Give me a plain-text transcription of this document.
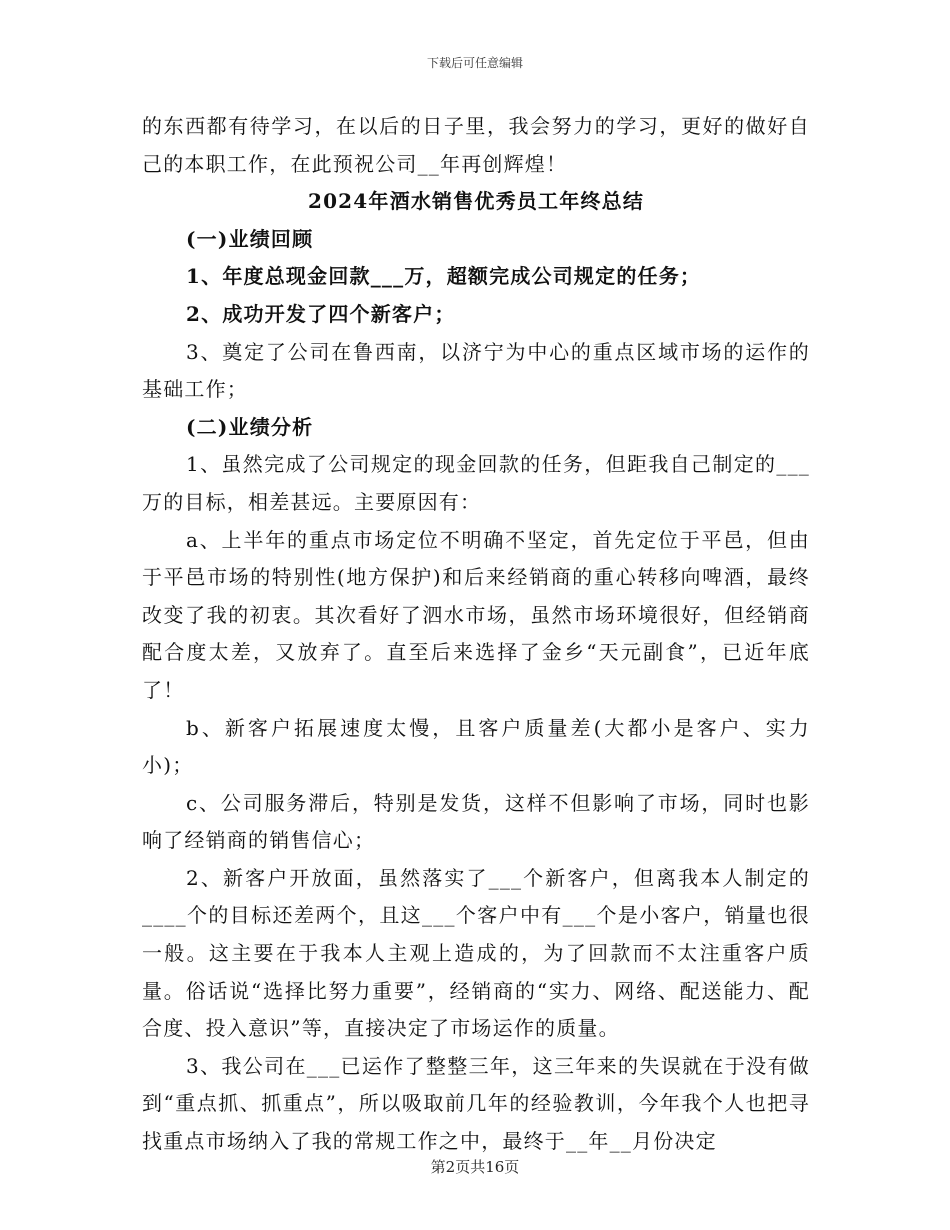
下载后可任意编辑

的东西都有待学习，在以后的日子里，我会努力的学习，更好的做好自己的本职工作，在此预祝公司__年再创辉煌！

2024年酒水销售优秀员工年终总结

(一)业绩回顾

1、年度总现金回款___万，超额完成公司规定的任务；

2、成功开发了四个新客户；

3、奠定了公司在鲁西南，以济宁为中心的重点区域市场的运作的基础工作；

(二)业绩分析

1、虽然完成了公司规定的现金回款的任务，但距我自己制定的___万的目标，相差甚远。主要原因有：

a、上半年的重点市场定位不明确不坚定，首先定位于平邑，但由于平邑市场的特别性(地方保护)和后来经销商的重心转移向啤酒，最终改变了我的初衷。其次看好了泗水市场，虽然市场环境很好，但经销商配合度太差，又放弃了。直至后来选择了金乡“天元副食”，已近年底了！

b、新客户拓展速度太慢，且客户质量差(大都小是客户、实力小)；

c、公司服务滞后，特别是发货，这样不但影响了市场，同时也影响了经销商的销售信心；

2、新客户开放面，虽然落实了___个新客户，但离我本人制定的____个的目标还差两个，且这___个客户中有___个是小客户，销量也很一般。这主要在于我本人主观上造成的，为了回款而不太注重客户质量。俗话说“选择比努力重要”，经销商的“实力、网络、配送能力、配合度、投入意识”等，直接决定了市场运作的质量。

3、我公司在___已运作了整整三年，这三年来的失误就在于没有做到“重点抓、抓重点”，所以吸取前几年的经验教训，今年我个人也把寻找重点市场纳入了我的常规工作之中，最终于__年__月份决定

第2页共16页
